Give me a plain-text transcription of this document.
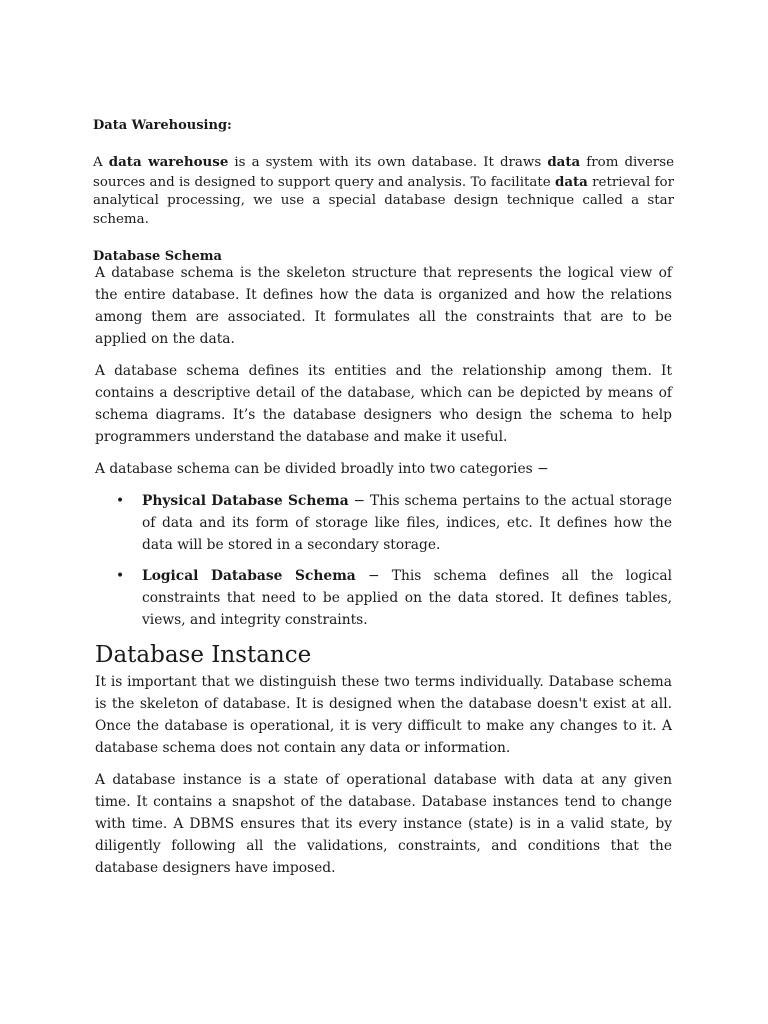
Data Warehousing:

A data warehouse is a system with its own database. It draws data from diverse sources and is designed to support query and analysis. To facilitate data retrieval for analytical processing, we use a special database design technique called a star schema.

Database Schema

A database schema is the skeleton structure that represents the logical view of the entire database. It defines how the data is organized and how the relations among them are associated. It formulates all the constraints that are to be applied on the data.

A database schema defines its entities and the relationship among them. It contains a descriptive detail of the database, which can be depicted by means of schema diagrams. It’s the database designers who design the schema to help programmers understand the database and make it useful.

A database schema can be divided broadly into two categories −

• Physical Database Schema − This schema pertains to the actual storage of data and its form of storage like files, indices, etc. It defines how the data will be stored in a secondary storage.
• Logical Database Schema − This schema defines all the logical constraints that need to be applied on the data stored. It defines tables, views, and integrity constraints.
Database Instance

It is important that we distinguish these two terms individually. Database schema is the skeleton of database. It is designed when the database doesn't exist at all. Once the database is operational, it is very difficult to make any changes to it. A database schema does not contain any data or information.

A database instance is a state of operational database with data at any given time. It contains a snapshot of the database. Database instances tend to change with time. A DBMS ensures that its every instance (state) is in a valid state, by diligently following all the validations, constraints, and conditions that the database designers have imposed.
